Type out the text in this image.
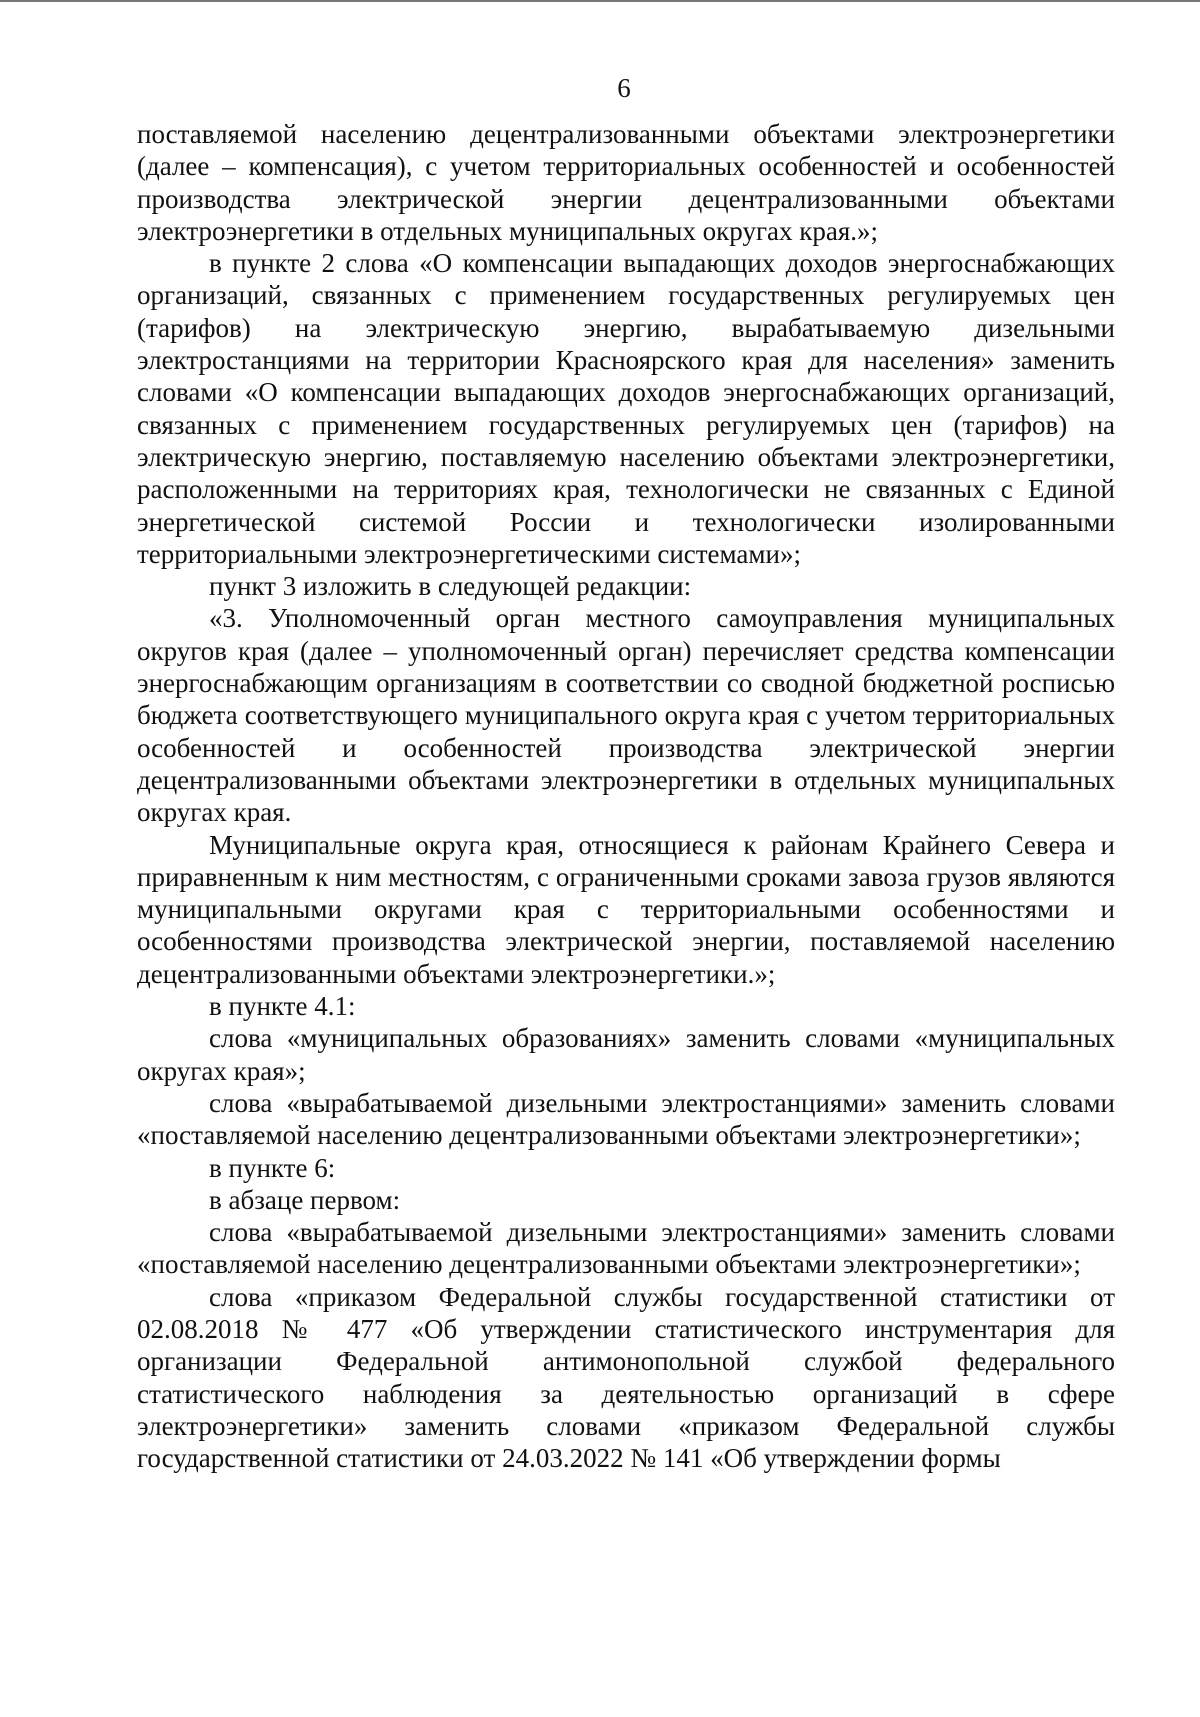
6

поставляемой населению децентрализованными объектами электроэнергетики (далее – компенсация), с учетом территориальных особенностей и особенностей производства электрической энергии децентрализованными объектами электроэнергетики в отдельных муниципальных округах края.»;

в пункте 2 слова «О компенсации выпадающих доходов энергоснабжающих организаций, связанных с применением государственных регулируемых цен (тарифов) на электрическую энергию, вырабатываемую дизельными электростанциями на территории Красноярского края для населения» заменить словами «О компенсации выпадающих доходов энергоснабжающих организаций, связанных с применением государственных регулируемых цен (тарифов) на электрическую энергию, поставляемую населению объектами электроэнергетики, расположенными на территориях края, технологически не связанных с Единой энергетической системой России и технологически изолированными территориальными электроэнергетическими системами»;

пункт 3 изложить в следующей редакции:

«3. Уполномоченный орган местного самоуправления муниципальных округов края (далее – уполномоченный орган) перечисляет средства компенсации энергоснабжающим организациям в соответствии со сводной бюджетной росписью бюджета соответствующего муниципального округа края с учетом территориальных особенностей и особенностей производства электрической энергии децентрализованными объектами электроэнергетики в отдельных муниципальных округах края.

Муниципальные округа края, относящиеся к районам Крайнего Севера и приравненным к ним местностям, с ограниченными сроками завоза грузов являются муниципальными округами края с территориальными особенностями и особенностями производства электрической энергии, поставляемой населению децентрализованными объектами электроэнергетики.»;

в пункте 4.1:

слова «муниципальных образованиях» заменить словами «муниципальных округах края»;

слова «вырабатываемой дизельными электростанциями» заменить словами «поставляемой населению децентрализованными объектами электроэнергетики»;

в пункте 6:

в абзаце первом:

слова «вырабатываемой дизельными электростанциями» заменить словами «поставляемой населению децентрализованными объектами электроэнергетики»;

слова «приказом Федеральной службы государственной статистики от 02.08.2018 № 477 «Об утверждении статистического инструментария для организации Федеральной антимонопольной службой федерального статистического наблюдения за деятельностью организаций в сфере электроэнергетики» заменить словами «приказом Федеральной службы государственной статистики от 24.03.2022 № 141 «Об утверждении формы
